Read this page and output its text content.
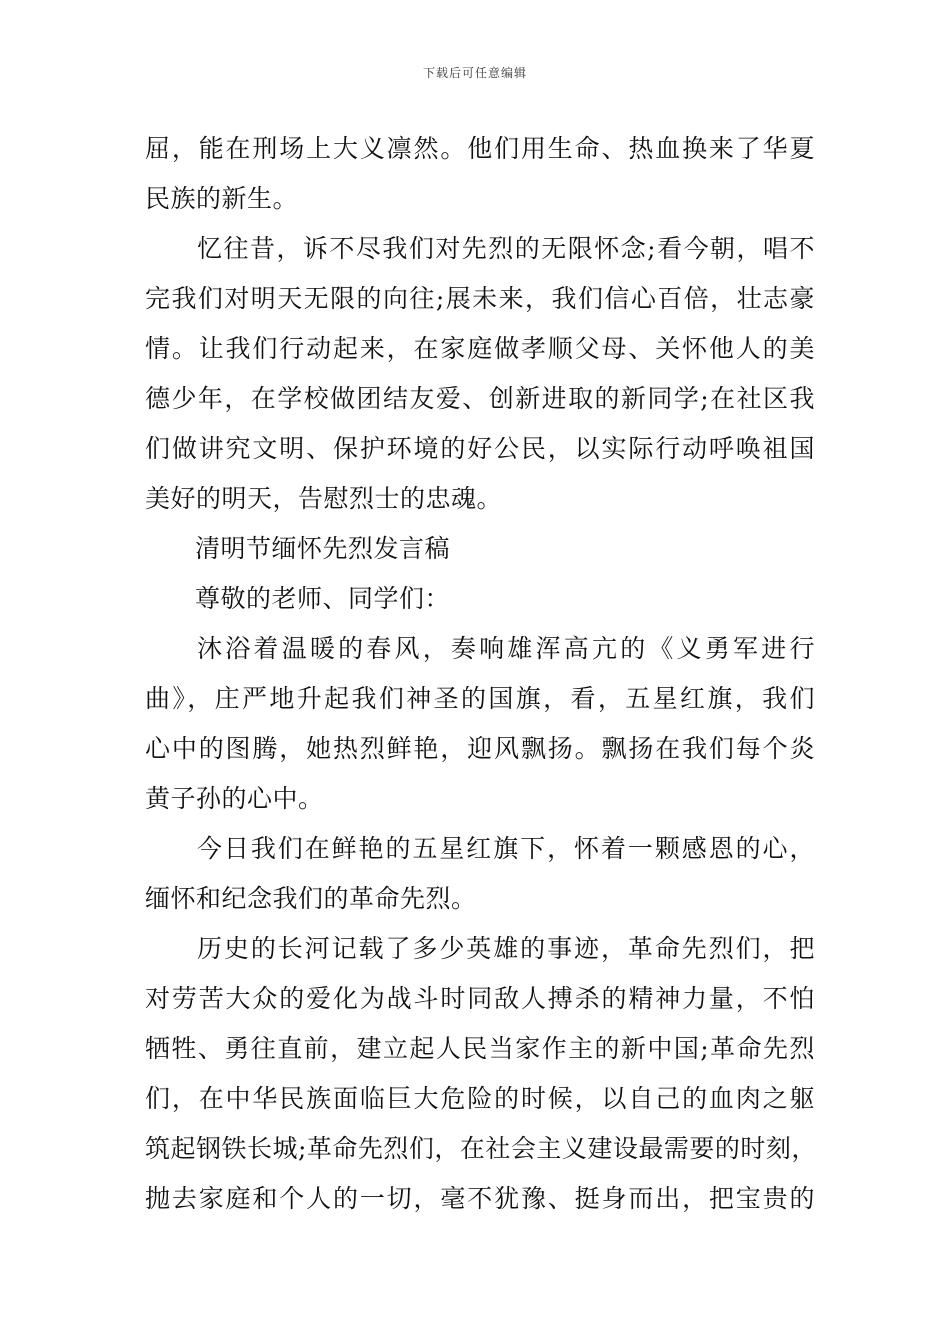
下载后可任意编辑
屈，能在刑场上大义凛然。他们用生命、热血换来了华夏
民族的新生。
忆往昔，诉不尽我们对先烈的无限怀念;看今朝，唱不
完我们对明天无限的向往;展未来，我们信心百倍，壮志豪
情。让我们行动起来，在家庭做孝顺父母、关怀他人的美
德少年，在学校做团结友爱、创新进取的新同学;在社区我
们做讲究文明、保护环境的好公民，以实际行动呼唤祖国
美好的明天，告慰烈士的忠魂。
清明节缅怀先烈发言稿
尊敬的老师、同学们：
沐浴着温暖的春风，奏响雄浑高亢的《义勇军进行
曲》，庄严地升起我们神圣的国旗，看，五星红旗，我们
心中的图腾，她热烈鲜艳，迎风飘扬。飘扬在我们每个炎
黄子孙的心中。
今日我们在鲜艳的五星红旗下，怀着一颗感恩的心，
缅怀和纪念我们的革命先烈。
历史的长河记载了多少英雄的事迹，革命先烈们，把
对劳苦大众的爱化为战斗时同敌人搏杀的精神力量，不怕
牺牲、勇往直前，建立起人民当家作主的新中国;革命先烈
们，在中华民族面临巨大危险的时候，以自己的血肉之躯
筑起钢铁长城;革命先烈们，在社会主义建设最需要的时刻，
抛去家庭和个人的一切，毫不犹豫、挺身而出，把宝贵的
